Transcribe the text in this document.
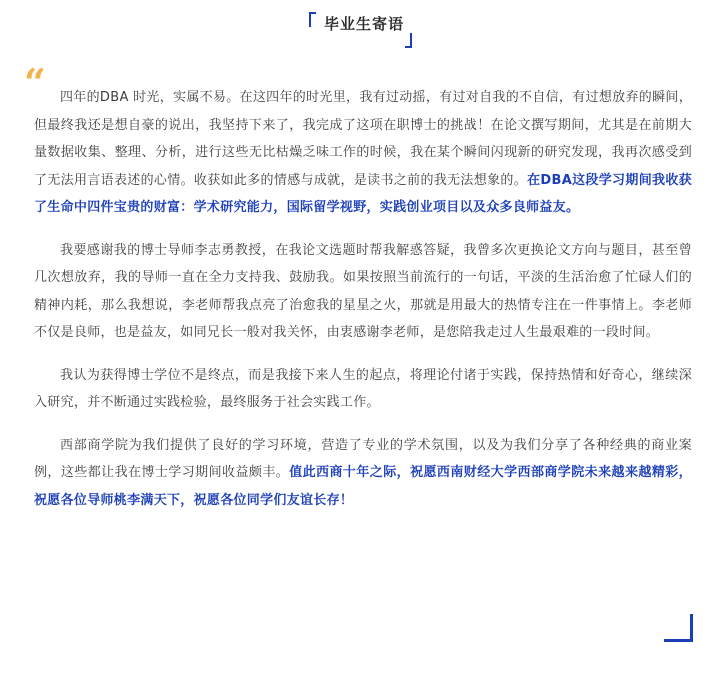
毕业生寄语
“	四年的DBA 时光，实属不易。在这四年的时光里，我有过动摇，有过对自我的不自信，有过想放弃的瞬间，但最终我还是想自豪的说出，我坚持下来了，我完成了这项在职博士的挑战！在论文撰写期间，尤其是在前期大量数据收集、整理、分析，进行这些无比枯燥乏味工作的时候，我在某个瞬间闪现新的研究发现，我再次感受到了无法用言语表述的心情。收获如此多的情感与成就，是读书之前的我无法想象的。在DBA这段学习期间我收获了生命中四件宝贵的财富：学术研究能力，国际留学视野，实践创业项目以及众多良师益友。

我要感谢我的博士导师李志勇教授，在我论文选题时帮我解惑答疑，我曾多次更换论文方向与题目，甚至曾几次想放弃，我的导师一直在全力支持我、鼓励我。如果按照当前流行的一句话，平淡的生活治愈了忙碌人们的精神内耗，那么我想说，李老师帮我点亮了治愈我的星星之火，那就是用最大的热情专注在一件事情上。李老师不仅是良师，也是益友，如同兄长一般对我关怀，由衷感谢李老师，是您陪我走过人生最艰难的一段时间。

我认为获得博士学位不是终点，而是我接下来人生的起点，将理论付诸于实践，保持热情和好奇心，继续深入研究，并不断通过实践检验，最终服务于社会实践工作。

西部商学院为我们提供了良好的学习环境，营造了专业的学术氛围，以及为我们分享了各种经典的商业案例，这些都让我在博士学习期间收益颇丰。值此西商十年之际，祝愿西南财经大学西部商学院未来越来越精彩，祝愿各位导师桃李满天下，祝愿各位同学们友谊长存！
